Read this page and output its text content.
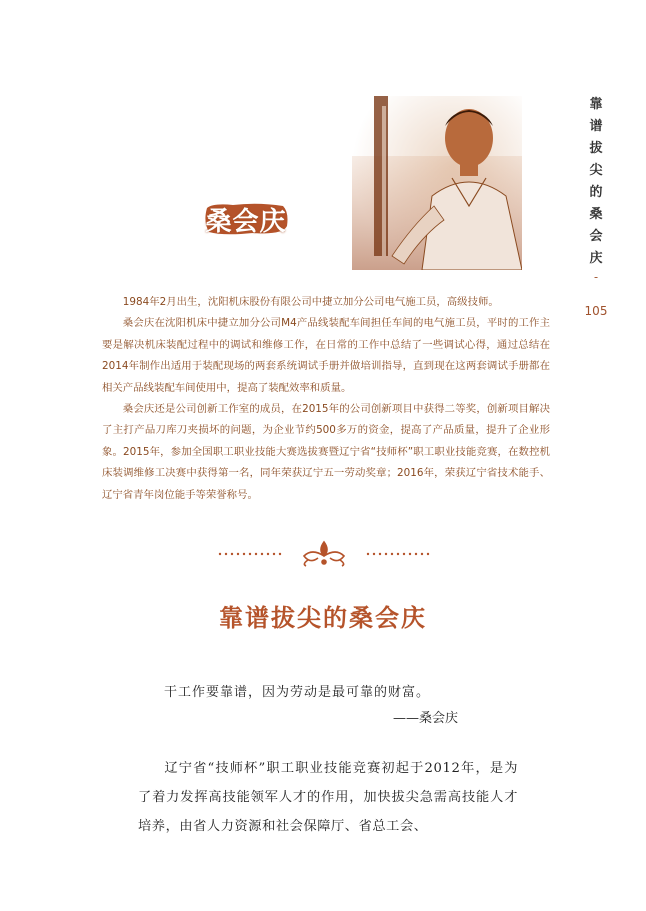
桑会庆
靠谱拔尖的桑会庆
-
105

1984年2月出生，沈阳机床股份有限公司中捷立加分公司电气施工员，高级技师。

桑会庆在沈阳机床中捷立加分公司M4产品线装配车间担任车间的电气施工员，平时的工作主要是解决机床装配过程中的调试和维修工作，在日常的工作中总结了一些调试心得，通过总结在2014年制作出适用于装配现场的两套系统调试手册并做培训指导，直到现在这两套调试手册都在相关产品线装配车间使用中，提高了装配效率和质量。

桑会庆还是公司创新工作室的成员，在2015年的公司创新项目中获得二等奖，创新项目解决了主打产品刀库刀夹损坏的问题，为企业节约500多万的资金，提高了产品质量，提升了企业形象。2015年，参加全国职工职业技能大赛选拔赛暨辽宁省“技师杯”职工职业技能竞赛，在数控机床装调维修工决赛中获得第一名，同年荣获辽宁五一劳动奖章；2016年，荣获辽宁省技术能手、辽宁省青年岗位能手等荣誉称号。

靠谱拔尖的桑会庆
干工作要靠谱，因为劳动是最可靠的财富。
——桑会庆

辽宁省“技师杯”职工职业技能竞赛初起于2012年，是为了着力发挥高技能领军人才的作用，加快拔尖急需高技能人才培养，由省人力资源和社会保障厅、省总工会、
